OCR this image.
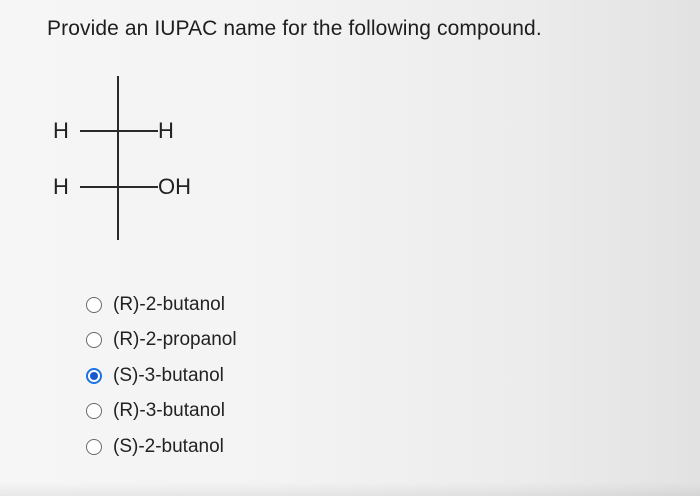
Provide an IUPAC name for the following compound.
H	H
H	OH
(R)-2-butanol
(R)-2-propanol
(S)-3-butanol
(R)-3-butanol
(S)-2-butanol
